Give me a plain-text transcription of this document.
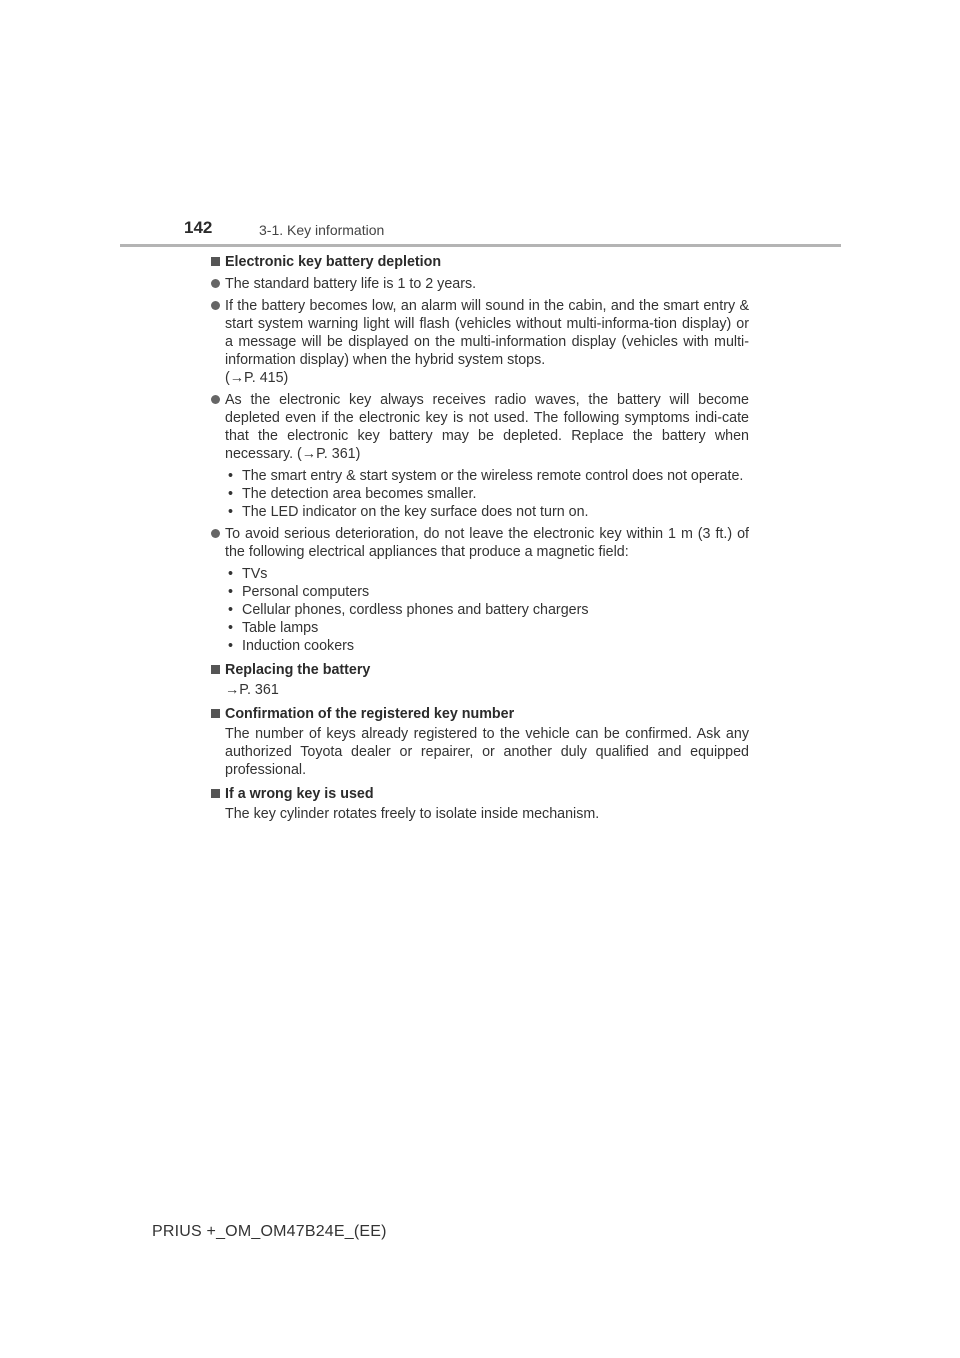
142	3-1. Key information
Electronic key battery depletion
The standard battery life is 1 to 2 years.
If the battery becomes low, an alarm will sound in the cabin, and the smart entry & start system warning light will flash (vehicles without multi-informa-tion display) or a message will be displayed on the multi-information display (vehicles with multi-information display) when the hybrid system stops.
(→P. 415)
As the electronic key always receives radio waves, the battery will become depleted even if the electronic key is not used. The following symptoms indi-cate that the electronic key battery may be depleted. Replace the battery when necessary. (→P. 361)
• The smart entry & start system or the wireless remote control does not operate.
• The detection area becomes smaller.
• The LED indicator on the key surface does not turn on.
To avoid serious deterioration, do not leave the electronic key within 1 m (3 ft.) of the following electrical appliances that produce a magnetic field:
• TVs
• Personal computers
• Cellular phones, cordless phones and battery chargers
• Table lamps
• Induction cookers
Replacing the battery
→P. 361
Confirmation of the registered key number
The number of keys already registered to the vehicle can be confirmed. Ask any authorized Toyota dealer or repairer, or another duly qualified and equipped professional.
If a wrong key is used
The key cylinder rotates freely to isolate inside mechanism.
PRIUS +_OM_OM47B24E_(EE)
